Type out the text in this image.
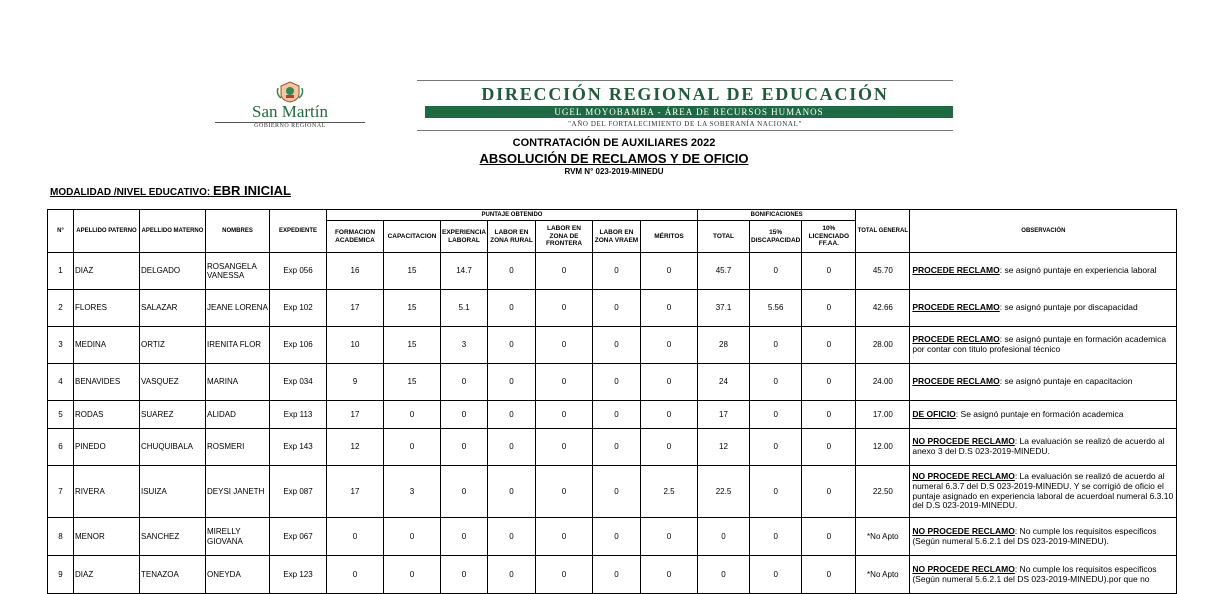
San Martín
GOBIERNO REGIONAL
DIRECCIÓN REGIONAL DE EDUCACIÓN
UGEL MOYOBAMBA - ÁREA DE RECURSOS HUMANOS
"AÑO DEL FORTALECIMIENTO DE LA SOBERANÍA NACIONAL"
CONTRATACIÓN DE AUXILIARES 2022
ABSOLUCIÓN DE RECLAMOS Y DE OFICIO
RVM N° 023-2019-MINEDU
MODALIDAD /NIVEL EDUCATIVO: EBR INICIAL
N°	APELLIDO PATERNO	APELLIDO MATERNO	NOMBRES	EXPEDIENTE	PUNTAJE OBTENIDO							BONIFICACIONES			TOTAL GENERAL	OBSERVACIÓN
					FORMACION ACADEMICA	CAPACITACION	EXPERIENCIA LABORAL	LABOR EN ZONA RURAL	LABOR EN ZONA DE FRONTERA	LABOR EN ZONA VRAEM	MÉRITOS	TOTAL	15% DISCAPACIDAD	10% LICENCIADO FF.AA.		
1	DIAZ	DELGADO	ROSANGELA VANESSA	Exp 056	16	15	14.7	0	0	0	0	45.7	0	0	45.70	PROCEDE RECLAMO: se asignó puntaje en experiencia laboral
2	FLORES	SALAZAR	JEANE LORENA	Exp 102	17	15	5.1	0	0	0	0	37.1	5.56	0	42.66	PROCEDE RECLAMO: se asignó puntaje por discapacidad
3	MEDINA	ORTIZ	IRENITA FLOR	Exp 106	10	15	3	0	0	0	0	28	0	0	28.00	PROCEDE RECLAMO: se asignó puntaje en formación academica por contar con titulo profesional técnico
4	BENAVIDES	VASQUEZ	MARINA	Exp 034	9	15	0	0	0	0	0	24	0	0	24.00	PROCEDE RECLAMO: se asignó puntaje en capacitacion
5	RODAS	SUAREZ	ALIDAD	Exp 113	17	0	0	0	0	0	0	17	0	0	17.00	DE OFICIO: Se asignó puntaje en formación academica
6	PINEDO	CHUQUIBALA	ROSMERI	Exp 143	12	0	0	0	0	0	0	12	0	0	12.00	NO PROCEDE RECLAMO: La evaluación se realizó de acuerdo al anexo 3 del D.S 023-2019-MINEDU.
7	RIVERA	ISUIZA	DEYSI JANETH	Exp 087	17	3	0	0	0	0	2.5	22.5	0	0	22.50	NO PROCEDE RECLAMO: La evaluación se realizó de acuerdo al numeral 6.3.7 del D.S 023-2019-MINEDU. Y se corrigió de oficio el puntaje asignado en experiencia laboral de acuerdoal numeral 6.3.10 del D.S 023-2019-MINEDU.
8	MENOR	SANCHEZ	MIRELLY GIOVANA	Exp 067	0	0	0	0	0	0	0	0	0	0	*No Apto	NO PROCEDE RECLAMO: No cumple los requisitos especificos (Según numeral 5.6.2.1 del DS 023-2019-MINEDU).
9	DIAZ	TENAZOA	ONEYDA	Exp 123	0	0	0	0	0	0	0	0	0	0	*No Apto	NO PROCEDE RECLAMO: No cumple los requisitos especificos (Según numeral 5.6.2.1 del DS 023-2019-MINEDU).por que no
